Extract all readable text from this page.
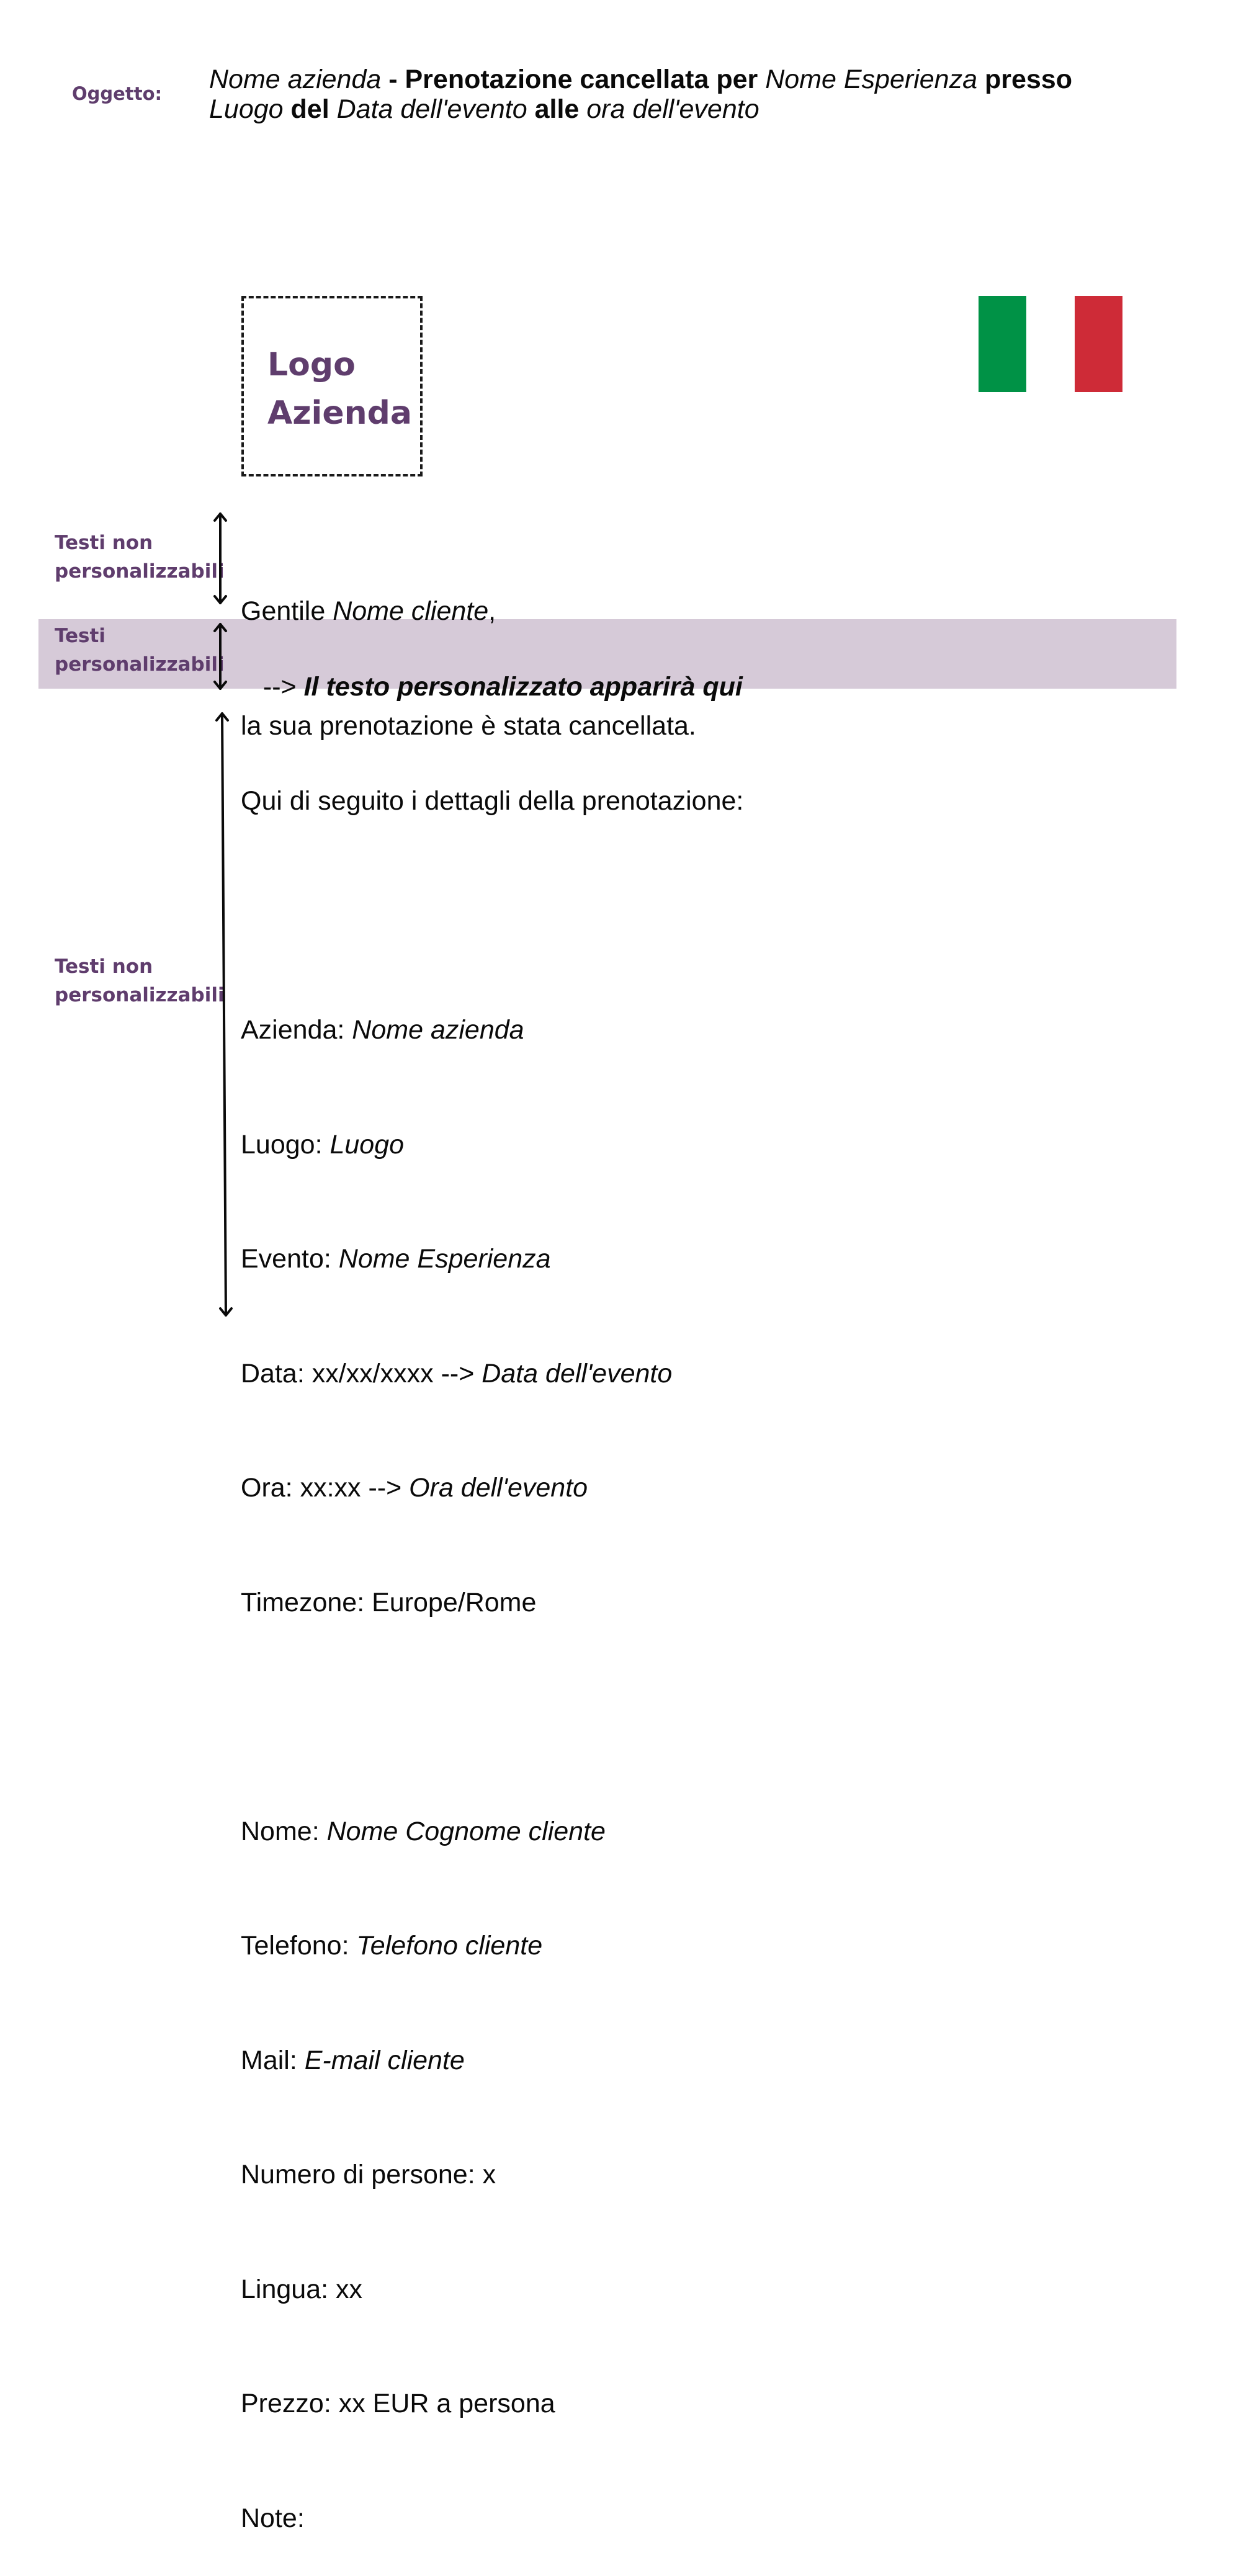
Oggetto: Nome azienda - Prenotazione cancellata per Nome Esperienza presso
Luogo del Data dell'evento alle ora dell'evento
Logo
Azienda
Testi non
personalizzabili
Testi
personalizzabili
Testi non
personalizzabili

Gentile Nome cliente,

la sua prenotazione è stata cancellata.

--> Il testo personalizzato apparirà qui

Qui di seguito i dettagli della prenotazione:

Azienda: Nome azienda

Luogo: Luogo

Evento: Nome Esperienza

Data: xx/xx/xxxx --> Data dell'evento

Ora: xx:xx --> Ora dell'evento

Timezone: Europe/Rome

Nome: Nome Cognome cliente

Telefono: Telefono cliente

Mail: E-mail cliente

Numero di persone: x

Lingua: xx

Prezzo: xx EUR a persona

Note:
